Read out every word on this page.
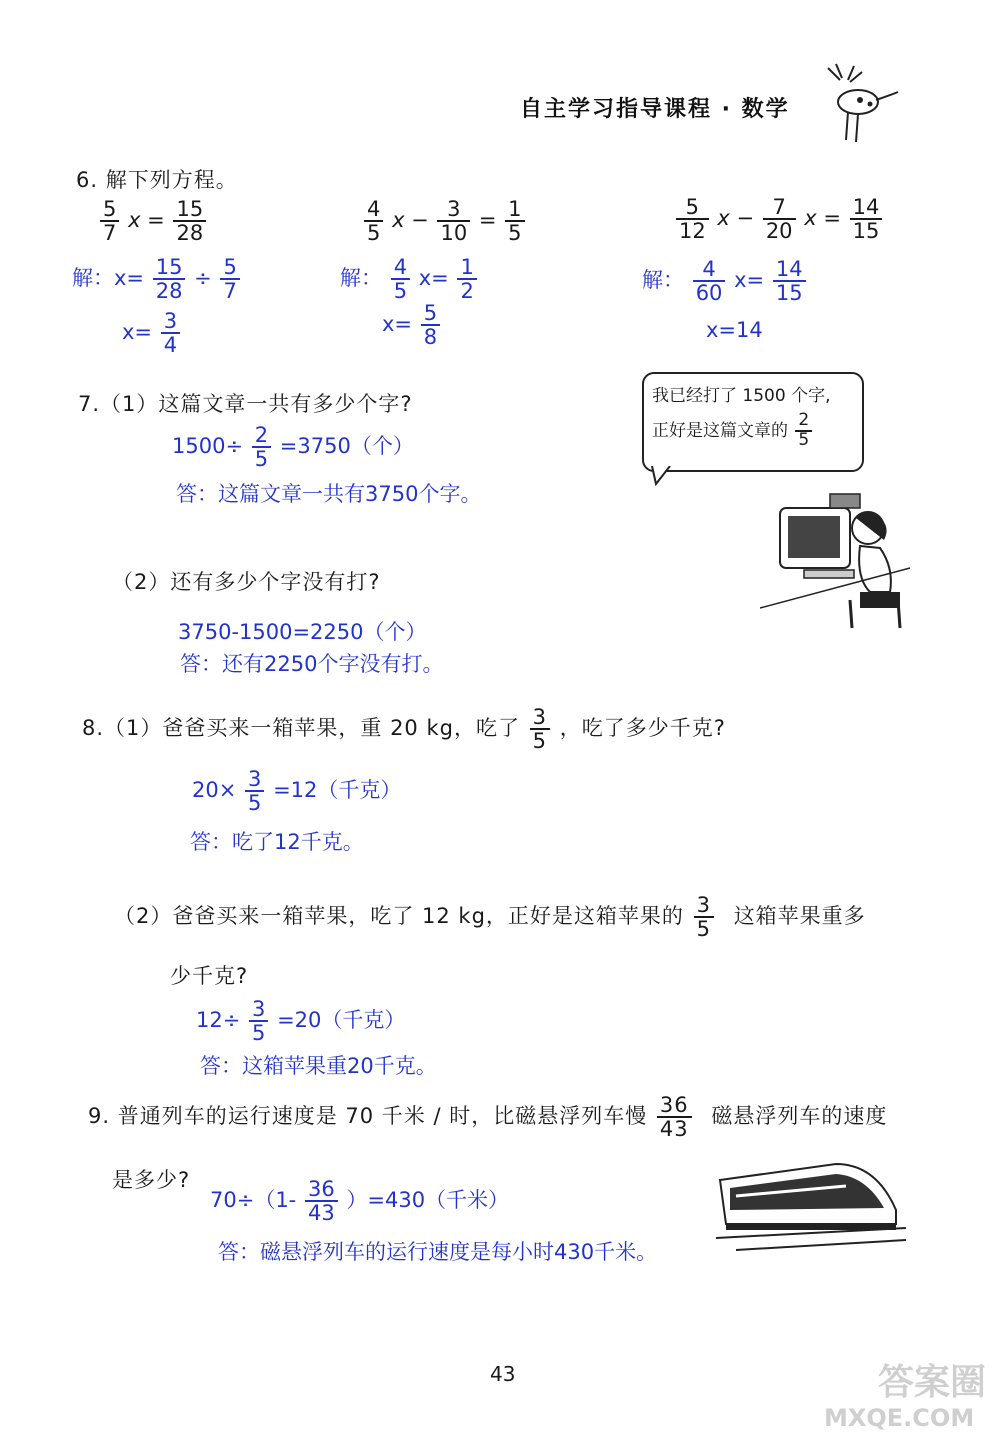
自主学习指导课程 · 数学
6. 解下列方程。
$\frac{5}{7}$ $x = \frac{15}{28}$	$\frac{4}{5}$ $x - \frac{3}{10} = \frac{1}{5}$	$\frac{5}{12}$ $x - \frac{7}{20}$ $x = \frac{14}{15}$
解：$x= \frac{15}{28} \div \frac{5}{7}$
$x= \frac{3}{4}$
解： $\frac{4}{5} x= \frac{1}{2}$
$x= \frac{5}{8}$
解： $\frac{4}{60} x= \frac{14}{15}$
x=14
7.（1）这篇文章一共有多少个字?	我已经打了 1500 个字,
正好是这篇文章的 $\frac{2}{5}$
$1500\div \frac{2}{5} =3750$（个）
答：这篇文章一共有3750个字。
（2）还有多少个字没有打?
3750-1500=2250（个）
答：还有2250个字没有打。
8.（1）爸爸买来一箱苹果，重 20 kg，吃了 $\frac{3}{5}$ ，吃了多少千克?
$20\times \frac{3}{5} =12$（千克）
答：吃了12千克。
（2）爸爸买来一箱苹果，吃了 12 kg，正好是这箱苹果的 $\frac{3}{5}$ 这箱苹果重多
少千克?
$12\div \frac{3}{5} =20$（千克）
答：这箱苹果重20千克。
9. 普通列车的运行速度是 70 千米 / 时，比磁悬浮列车慢 $\frac{36}{43}$ 磁悬浮列车的速度
是多少?
$70\div(1- \frac{36}{43} )=430$（千米）
答：磁悬浮列车的运行速度是每小时430千米。
43	答案圈
MXQE.COM
